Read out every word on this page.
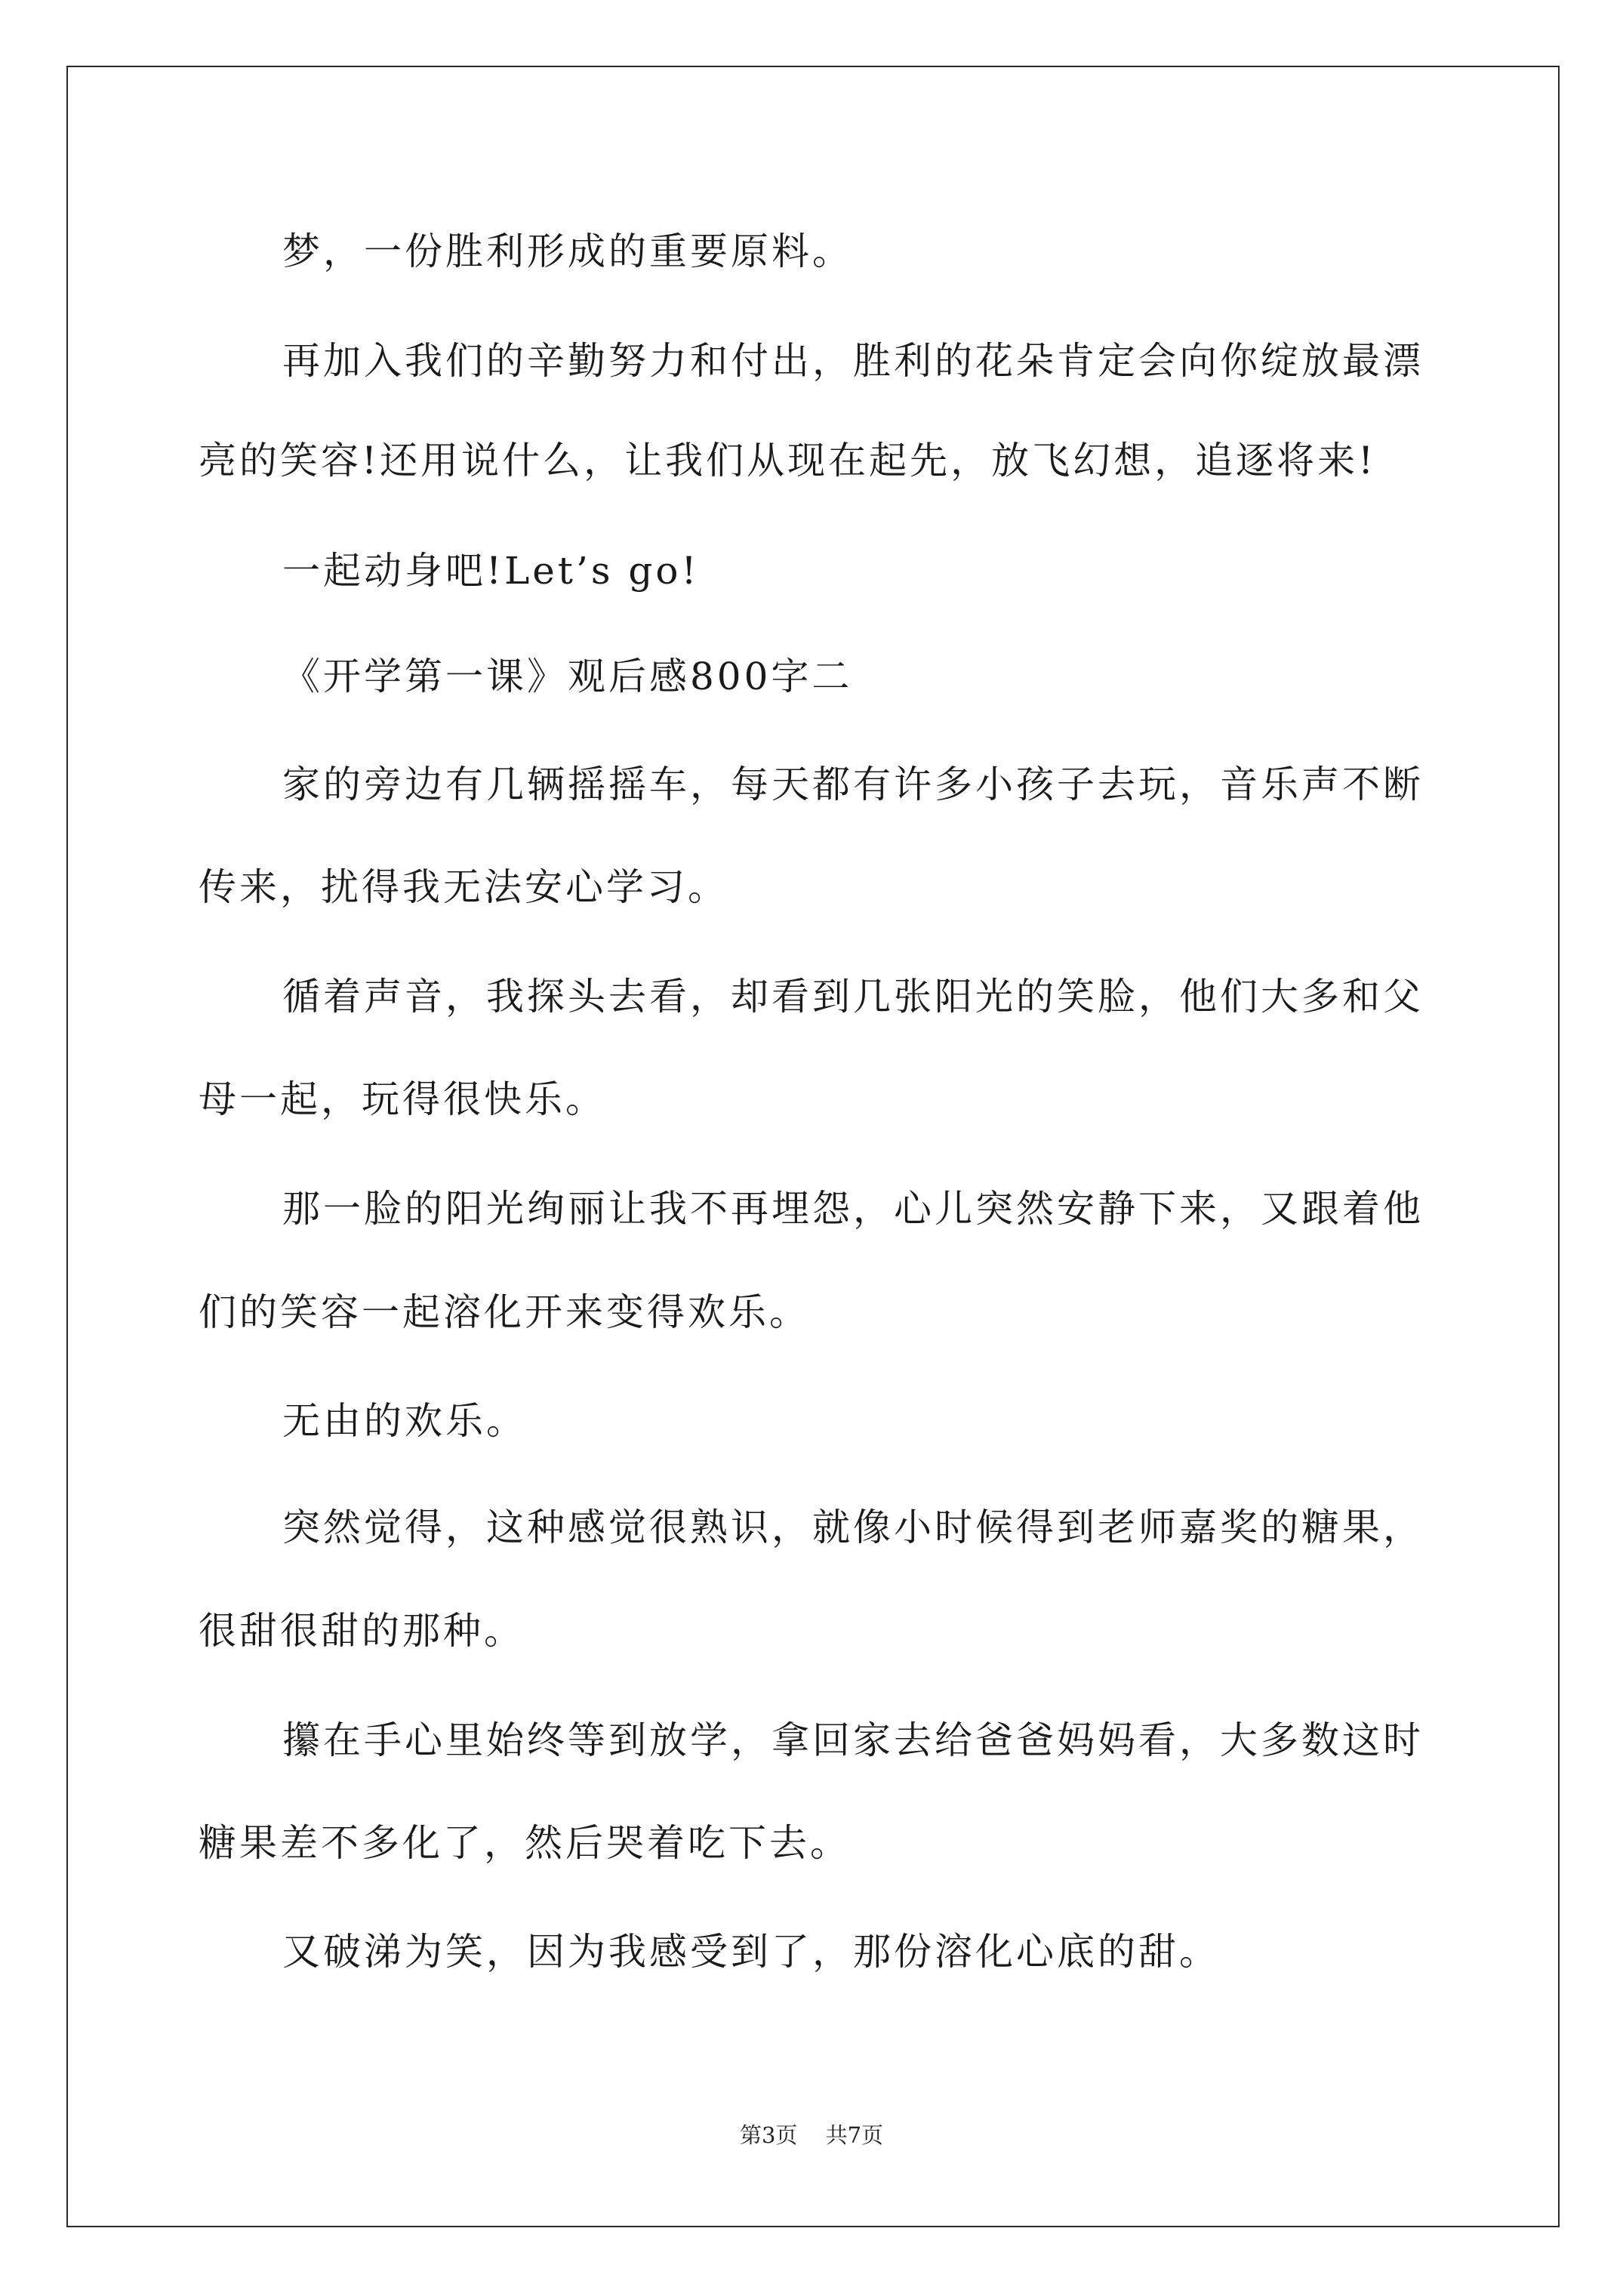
梦，一份胜利形成的重要原料。
再加入我们的辛勤努力和付出，胜利的花朵肯定会向你绽放最漂
亮的笑容!还用说什么，让我们从现在起先，放飞幻想，追逐将来!
一起动身吧!Let’s go!
《开学第一课》观后感800字二
家的旁边有几辆摇摇车，每天都有许多小孩子去玩，音乐声不断
传来，扰得我无法安心学习。
循着声音，我探头去看，却看到几张阳光的笑脸，他们大多和父
母一起，玩得很快乐。
那一脸的阳光绚丽让我不再埋怨，心儿突然安静下来，又跟着他
们的笑容一起溶化开来变得欢乐。
无由的欢乐。
突然觉得，这种感觉很熟识，就像小时候得到老师嘉奖的糖果，
很甜很甜的那种。
攥在手心里始终等到放学，拿回家去给爸爸妈妈看，大多数这时
糖果差不多化了，然后哭着吃下去。
又破涕为笑，因为我感受到了，那份溶化心底的甜。
第3页 共7页
